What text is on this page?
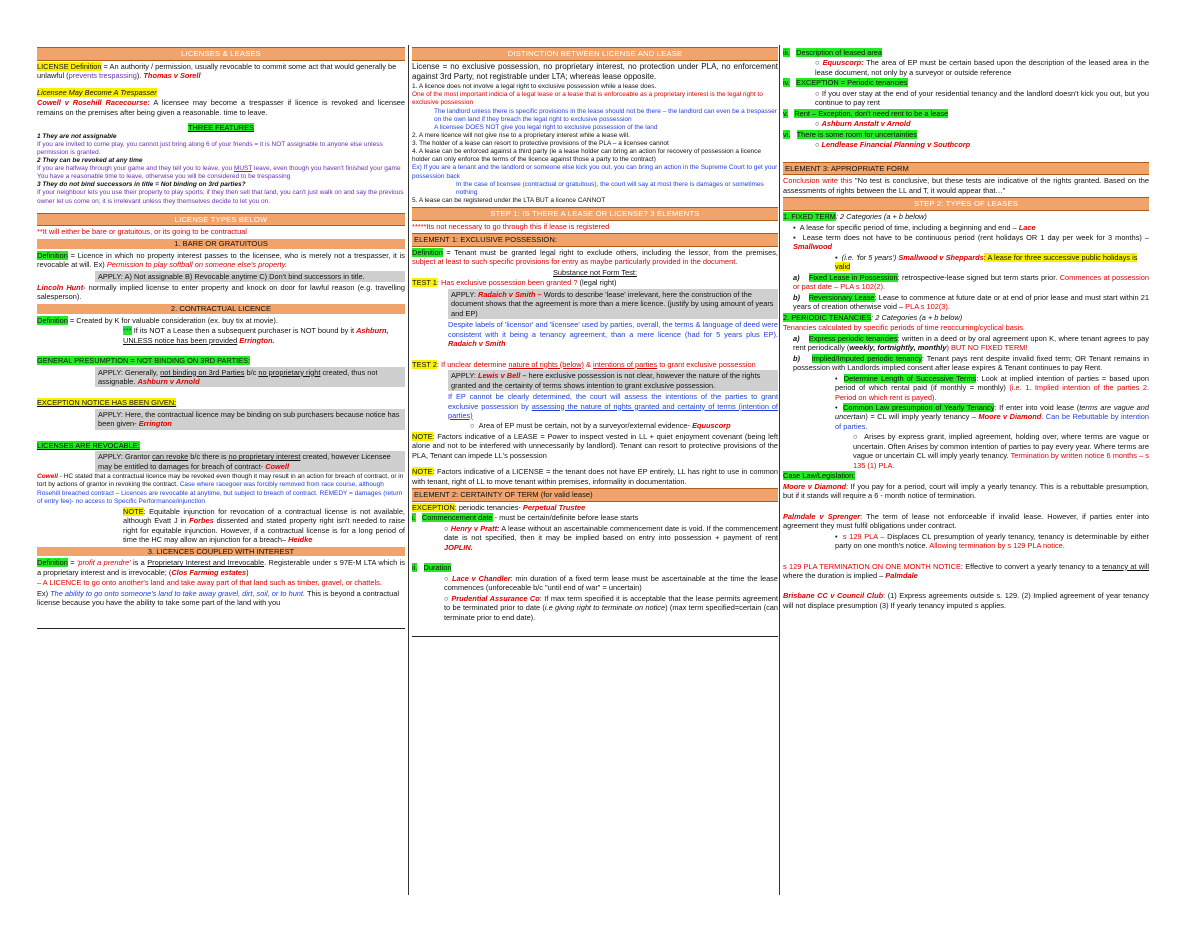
LICENSES & LEASES
LICENSE Definition = An authority / permission, usually revocable to commit some act that would generally be unlawful (prevents trespassing). Thomas v Sorell
Licensee May Become A Trespasser
Cowell v Rosehill Racecourse: A licensee may become a trespasser if licence is revoked and licensee remains on the premises after being given a reasonable. time to leave.
THREE FEATURES
1 They are not assignable
If you are invited to come play, you cannot just bring along 6 of your friends = it is NOT assignable to anyone else unless permission is granted.
2 They can be revoked at any time
If you are halfway through your game and they tell you to leave, you MUST leave, even though you haven't finished your game
You have a reasonable time to leave, otherwise you will be considered to be trespassing
3 They do not bind successors in title = Not binding on 3rd parties?
If your neighbour lets you use their property to play sports; if they then sell that land, you can't just walk on and say the previous owner let us come on; it is irrelevant unless they themselves decide to let you on.
LICENSE TYPES BELOW
**It will either be bare or gratuitous, or its going to be contractual
1. BARE OR GRATUITOUS
Definition = Licence in which no property interest passes to the licensee, who is merely not a trespasser, it is revocable at will. Ex) Permission to play softball on someone else's property.
APPLY: A) Not assignable B) Revocable anytime C) Don't bind successors in title.
Lincoln Hunt- normally implied license to enter property and knock on door for lawful reason (e.g. travelling salesperson).
2. CONTRACTUAL LICENCE
Definition = Created by K for valuable consideration (ex. buy tix at movie).
*** If its NOT a Lease then a subsequent purchaser is NOT bound by it Ashburn, UNLESS notice has been provided Errington.
GENERAL PRESUMPTION = NOT BINDING ON 3RD PARTIES:
APPLY: Generally, not binding on 3rd Parties b/c no proprietary right created, thus not assignable. Ashburn v Arnold
EXCEPTION NOTICE HAS BEEN GIVEN:
APPLY: Here, the contractual licence may be binding on sub purchasers because notice has been given- Errington
LICENSES ARE REVOCABLE:
APPLY: Grantor can revoke b/c there is no proprietary interest created, however Licensee may be entitled to damages for breach of contract- Cowell
Cowell - HC stated that a contractual licence may be revoked even though it may result in an action for breach of contract, or in tort by actions of grantor in revoking the contract. Case where racegoer was forcibly removed from race course, although Rosehill breached contract – Licences are revocable at anytime, but subject to breach of contract. REMEDY = damages (return of entry fee)- no access to Specific Performance/injunction
NOTE: Equitable injunction for revocation of a contractual license is not available, although Evatt J in Forbes dissented and stated property right isn't needed to raise right for equitable injunction. However, if a contractual license is for a long period of time the HC may allow an injunction for a breach– Heidke
3. LICENCES COUPLED WITH INTEREST
Definition = 'profit a prendre' is a Proprietary Interest and Irrevocable. Registerable under s 97E-M LTA which is a proprietary interest and is irrevocable; (Clos Farming estates)
– A LICENCE to go onto another's land and take away part of that land such as timber, gravel, or chattels.
Ex) The ability to go onto someone's land to take away gravel, dirt, soil, or to hunt. This is beyond a contractual license because you have the ability to take some part of the land with you
DISTINCTION BETWEEN LICENSE AND LEASE
License = no exclusive possession, no proprietary interest, no protection under PLA, no enforcement against 3rd Party, not registrable under LTA; whereas lease opposite.
1. A licence does not involve a legal right to exclusive possession while a lease does.
One of the most important indicia of a legal lease or a lease that is enforceable as a proprietary interest is the legal right to exclusive possession
The landlord unless there is specific provisions in the lease should not be there – the landlord can even be a trespasser on the own land if they breach the legal right to exclusive possession
A licensee DOES NOT give you legal right to exclusive possession of the land
2. A mere licence will not give rise to a proprietary interest while a lease will.
3. The holder of a lease can resort to protective provisions of the PLA – a licensee cannot
4. A lease can be enforced against a third party (ie a lease holder can bring an action for recovery of possession a licence holder can only enforce the terms of the licence against those a party to the contract)
Ex) If you are a tenant and the landlord or someone else kick you out, you can bring an action in the Supreme Court to get your possession back
In the case of licensee (contractual or gratuitous), the court will say at most there is damages or sometimes nothing
5. A lease can be registered under the LTA BUT a licence CANNOT
STEP 1: IS THERE A LEASE OR LICENSE? 3 ELEMENTS
*****Its not necessary to go through this if lease is registered
ELEMENT 1: EXCLUSIVE POSSESSION:
Definition = Tenant must be granted legal right to exclude others, including the lessor, from the premises, subject at least to such specific provisions for entry as maybe particularly provided in the document.
Substance not Form Test:
TEST 1: Has exclusive possession been granted ? (legal right)
APPLY: Radaich v Smith – Words to describe 'lease' irrelevant, here the construction of the document shows that the agreement is more than a mere licence. (justify by using amount of years and EP)
Despite labels of 'licensor' and 'licensee' used by parties, overall, the terms & language of deed were consistent with it being a tenancy agreement, than a mere licence (had for 5 years plus EP). Radaich v Smith
TEST 2: If unclear determine nature of rights (below) & intentions of parties to grant exclusive possession
APPLY: Lewis v Bell – here exclusive possession is not clear, however the nature of the rights granted and the certainty of terms shows intention to grant exclusive possession.
If EP cannot be clearly determined, the court will assess the intentions of the parties to grant exclusive possession by assessing the nature of rights granted and certainty of terms (intention of parties)
○  Area of EP must be certain, not by a surveyor/external evidence- Equuscorp
NOTE: Factors indicative of a LEASE = Power to inspect vested in LL + quiet enjoyment covenant (being left alone and not to be interfered with unnecessarily by landlord). Tenant can resort to protective provisions of the PLA, Tenant can impede LL's possession
NOTE: Factors indicative of a LICENSE = the tenant does not have EP entirely, LL has right to use in common with tenant, right of LL to move tenant within premises, informality in documentation.
ELEMENT 2: CERTAINTY OF TERM (for valid lease)
EXCEPTION: periodic tenancies- Perpetual Trustee
i. Commencement date - must be certain/definite before lease starts
○ Henry v Pratt: A lease without an ascertainable commencement date is void. If the commencement date is not specified, then it may be implied based on entry into possession + payment of rent JOPLIN.
ii. Duration
○ Lace v Chandler: min duration of a fixed term lease must be ascertainable at the time the lease commences (unforeceable b/c "until end of war" = uncertain)
○ Prudential Assurance Co: If max term specified it is acceptable that the lease permits agreement to be terminated prior to date (i.e giving right to terminate on notice) (max term specified=certain (can terminate prior to end date).
iii. Description of leased area
○ Equuscorp: The area of EP must be certain based upon the description of the leased area in the lease document, not only by a surveyor or outside reference
iv. EXCEPTION = Periodic tenancies
○ If you over stay at the end of your residential tenancy and the landlord doesn't kick you out, but you continue to pay rent
v. Rent – Exception, don't need rent to be a lease
○ Ashburn Anstalt v Arnold
vi. There is some room for uncertainties
○ Lendlease Financial Planning v Southcorp
ELEMENT 3: APPROPRIATE FORM
Conclusion write this "No test is conclusive, but these tests are indicative of the rights granted. Based on the assessments of rights between the LL and T, it would appear that…"
STEP 2: TYPES OF LEASES
1. FIXED TERM: 2 Categories (a + b below)
▪  A lease for specific period of time, including a beginning and end – Lace
▪  Lease term does not have to be continuous period (rent holidays OR 1 day per week for 3 months) – Smallwood
▪  (i.e. 'for 5 years') Smallwood v Sheppards: A lease for three successive public holidays is valid
a) Fixed Lease in Possession: retrospective-lease signed but term starts prior. Commences at possession or past date – PLA s 102(2).
b) Reversionary Lease: Lease to commence at future date or at end of prior lease and must start within 21 years of creation otherwise void – PLA s 102(3).
2. PERIODIC TENANCIES: 2 Categories (a + b below)
Tenancies calculated by specific periods of time reoccurring/cyclical basis.
a) Express periodic tenancies: written in a deed or by oral agreement upon K, where tenant agrees to pay rent periodically (weekly, fortnightly, monthly) BUT NO FIXED TERM!
b) Implied/Imputed periodic tenancy: Tenant pays rent despite invalid fixed term; OR Tenant remains in possession with Landlords implied consent after lease expires & Tenant continues to pay Rent.
•  Determine Length of Successive Terms: Look at implied intention of parties = based upon period of which rental paid (if monthly = monthly) (i.e. 1. Implied intention of the parties 2. Period on which rent is payed).
•  Common Law presumption of Yearly Tenancy: If enter into void lease (terms are vague and uncertain) = CL will imply yearly tenancy – Moore v Diamond. Can be Rebuttable by intention of parties.
○  Arises by express grant, implied agreement, holding over, where terms are vague or uncertain. Often Arises by common intention of parties to pay every year. Where terms are vague or uncertain CL will imply yearly tenancy. Termination by written notice 6 months – s 135 (1) PLA.
Case Law/Legislation:
Moore v Diamond: If you pay for a period, court will imply a yearly tenancy. This is a rebuttable presumption, but if it stands will require a 6 - month notice of termination.
Palmdale v Sprenger: The term of lease not enforceable if invalid lease. However, if parties enter into agreement they must fulfil obligations under contract.
•  s 129 PLA – Displaces CL presumption of yearly tenancy, tenancy is determinable by either party on one month's notice. Allowing termination by s 129 PLA notice.
s 129 PLA TERMINATION ON ONE MONTH NOTICE: Effective to convert a yearly tenancy to a tenancy at will where the duration is implied – Palmdale
Brisbane CC v Council Club: (1) Express agreements outside s. 129. (2) Implied agreement of year tenancy will not displace presumption (3) If yearly tenancy imputed s applies.
